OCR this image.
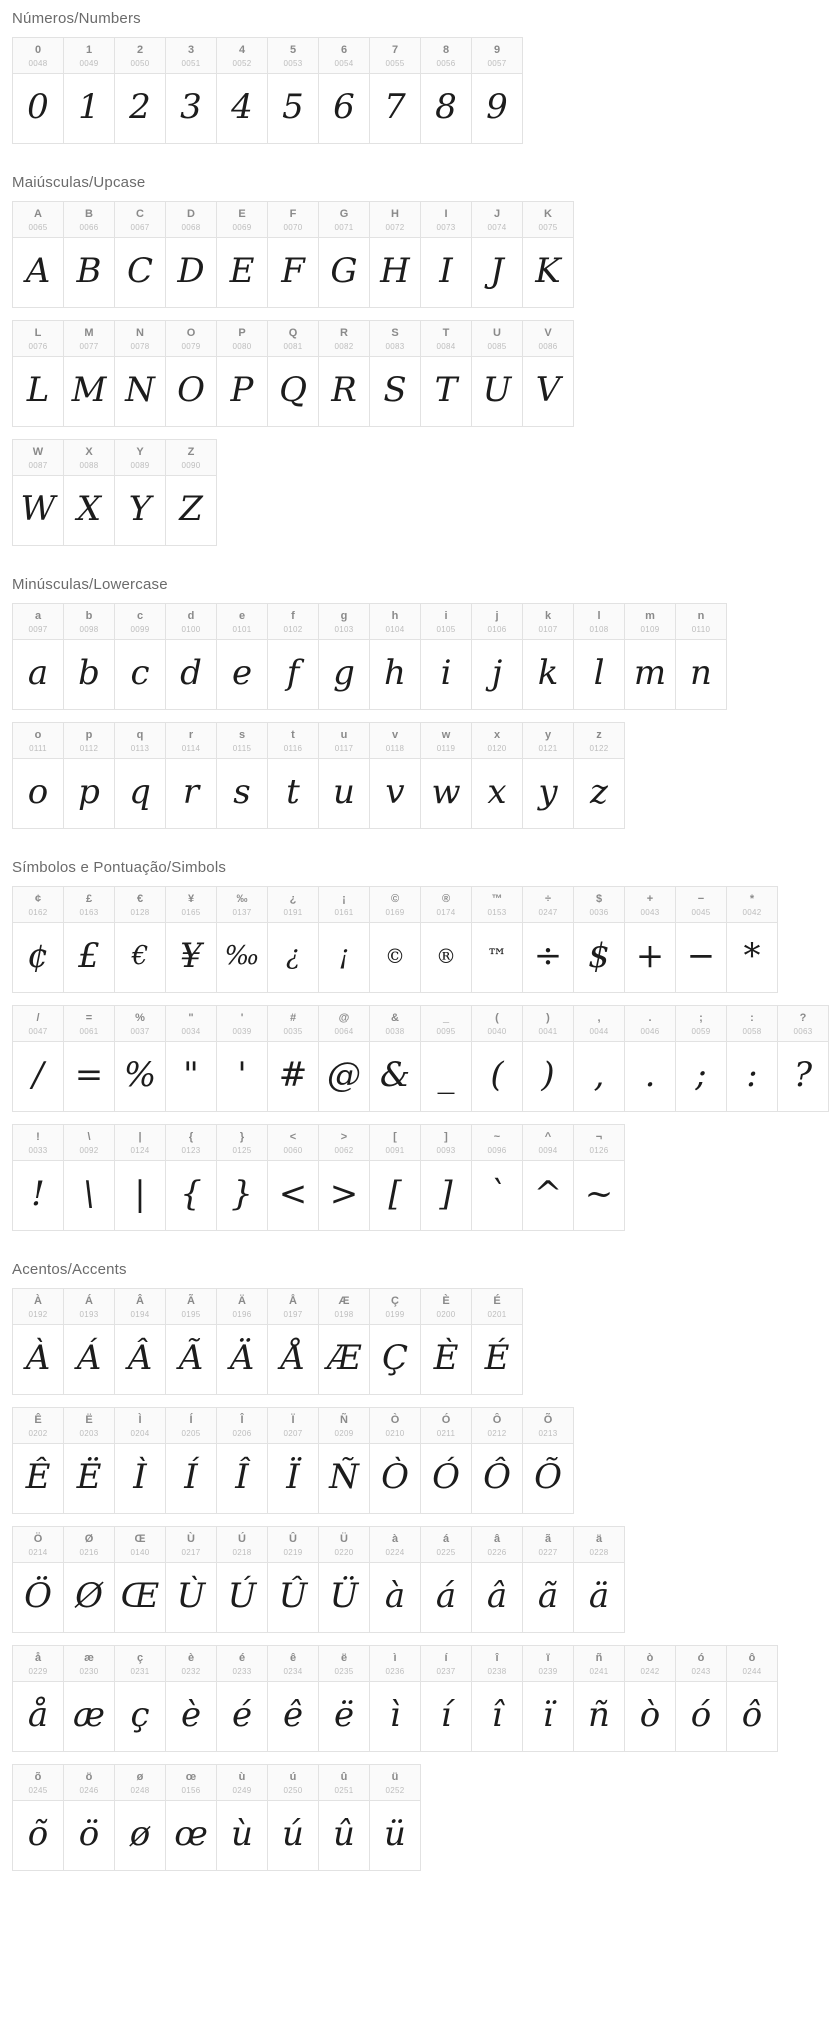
Números/Numbers
0
0048
0
1
0049
1
2
0050
2
3
0051
3
4
0052
4
5
0053
5
6
0054
6
7
0055
7
8
0056
8
9
0057
9
Maiúsculas/Upcase
A
0065
A
B
0066
B
C
0067
C
D
0068
D
E
0069
E
F
0070
F
G
0071
G
H
0072
H
I
0073
I
J
0074
J
K
0075
K
L
0076
L
M
0077
M
N
0078
N
O
0079
O
P
0080
P
Q
0081
Q
R
0082
R
S
0083
S
T
0084
T
U
0085
U
V
0086
V
W
0087
W
X
0088
X
Y
0089
Y
Z
0090
Z
Minúsculas/Lowercase
a
0097
a
b
0098
b
c
0099
c
d
0100
d
e
0101
e
f
0102
f
g
0103
g
h
0104
h
i
0105
i
j
0106
j
k
0107
k
l
0108
l
m
0109
m
n
0110
n
o
0111
o
p
0112
p
q
0113
q
r
0114
r
s
0115
s
t
0116
t
u
0117
u
v
0118
v
w
0119
w
x
0120
x
y
0121
y
z
0122
z
Símbolos e Pontuação/Simbols
¢
0162
¢
£
0163
£
€
0128
€
¥
0165
¥
‰
0137
‰
¿
0191
¿
¡
0161
¡
©
0169
©
®
0174
®
™
0153
™
÷
0247
÷
$
0036
$
+
0043
+
−
0045
−
*
0042
*
/
0047
/
=
0061
=
%
0037
%
"
0034
"
'
0039
'
#
0035
#
@
0064
@
&
0038
&
_
0095
_
(
0040
(
)
0041
)
,
0044
,
.
0046
.
;
0059
;
:
0058
:
?
0063
?
!
0033
!
\
0092
\
|
0124
|
{
0123
{
}
0125
}
<
0060
<
>
0062
>
[
0091
[
]
0093
]
~
0096
`
^
0094
^
¬
0126
~
Acentos/Accents
À
0192
À
Á
0193
Á
Â
0194
Â
Ã
0195
Ã
Ä
0196
Ä
Å
0197
Å
Æ
0198
Æ
Ç
0199
Ç
È
0200
È
É
0201
É
Ê
0202
Ê
Ë
0203
Ë
Ì
0204
Ì
Í
0205
Í
Î
0206
Î
Ï
0207
Ï
Ñ
0209
Ñ
Ò
0210
Ò
Ó
0211
Ó
Ô
0212
Ô
Õ
0213
Õ
Ö
0214
Ö
Ø
0216
Ø
Œ
0140
Œ
Ù
0217
Ù
Ú
0218
Ú
Û
0219
Û
Ü
0220
Ü
à
0224
à
á
0225
á
â
0226
â
ã
0227
ã
ä
0228
ä
å
0229
å
æ
0230
æ
ç
0231
ç
è
0232
è
é
0233
é
ê
0234
ê
ë
0235
ë
ì
0236
ì
í
0237
í
î
0238
î
ï
0239
ï
ñ
0241
ñ
ò
0242
ò
ó
0243
ó
ô
0244
ô
õ
0245
õ
ö
0246
ö
ø
0248
ø
œ
0156
œ
ù
0249
ù
ú
0250
ú
û
0251
û
ü
0252
ü
